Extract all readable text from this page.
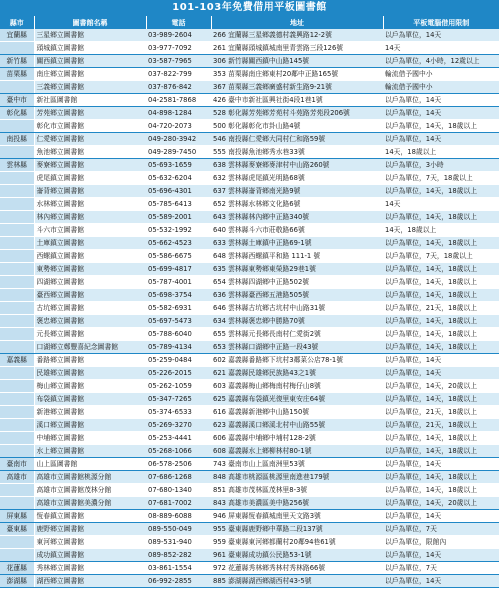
101-103年免費借用平板圖書館
縣市	圖書館名稱	電話	地址	平板電腦借用限制
宜蘭縣	三星鄉立圖書館	03-989-2604	266 宜蘭縣三星鄉義德村義興路12-2號	以戶為單位，14天
	頭城鎮立圖書館	03-977-7092	261 宜蘭縣頭城鎮城南里青雲路三段126號	14天
新竹縣	關西鎮立圖書館	03-587-7965	306 新竹縣關西鎮中山路145號	以戶為單位，4小時，12歲以上
苗栗縣	南庄鄉立圖書館	037-822-799	353 苗栗縣南庄鄉東村20鄰中正路165號	輪流借予國中小
	三義鄉立圖書館	037-876-842	367 苗栗縣三義鄉廣盛村新生路9-21號	輪流借予國中小
臺中市	新社區圖書館	04-2581-7868	426 臺中市新社區興社街4段1巷1號	以戶為單位，14天
彰化縣	芳苑鄉立圖書館	04-898-1284	528 彰化縣芳苑鄉芳苑村斗苑路芳苑段206號	以戶為單位，14天
	彰化市立圖書館	04-720-2073	500 彰化縣彰化市卦山路4號	以戶為單位，14天，18歲以上
南投縣	仁愛鄉立圖書館	049-280-3942	546 南投縣仁愛鄉大同村仁和路59號	以戶為單位，14天
	魚池鄉立圖書館	049-289-7450	555 南投縣魚池鄉秀水巷33號	14天，18歲以上
雲林縣	麥寮鄉立圖書館	05-693-1659	638 雲林縣麥寮鄉麥津村中山路260號	以戶為單位，3小時
	虎尾鎮立圖書館	05-632-6204	632 雲林縣虎尾鎮光明路68號	以戶為單位，7天，18歲以上
	崙背鄉立圖書館	05-696-4301	637 雲林縣崙背鄉南光路9號	以戶為單位，14天，18歲以上
	水林鄉立圖書館	05-785-6413	652 雲林縣水林鄉文化路6號	14天
	林內鄉立圖書館	05-589-2001	643 雲林縣林內鄉中正路340號	以戶為單位，14天，18歲以上
	斗六市立圖書館	05-532-1992	640 雲林縣斗六市莊敬路66號	14天，18歲以上
	土庫鎮立圖書館	05-662-4523	633 雲林縣土庫鎮中正路69-1號	以戶為單位，14天，18歲以上
	西螺鎮立圖書館	05-586-6675	648 雲林縣西螺鎮平和路 111-1 號	以戶為單位，7天，18歲以上
	東勢鄉立圖書館	05-699-4817	635 雲林縣東勢鄉東榮路29巷1號	以戶為單位，14天，18歲以上
	四湖鄉立圖書館	05-787-4001	654 雲林縣四湖鄉中正路502號	以戶為單位，14天，18歲以上
	臺西鄉立圖書館	05-698-3754	636 雲林縣臺西鄉五港路505號	以戶為單位，14天，18歲以上
	古坑鄉立圖書館	05-582-6931	646 雲林縣古坑鄉古坑村中山路31號	以戶為單位，21天，18歲以上
	褒忠鄉立圖書館	05-697-5473	634 雲林縣褒忠鄉中勝路70號	以戶為單位，14天，18歲以上
	元長鄉立圖書館	05-788-6040	655 雲林縣元長鄉長南村仁愛街2號	以戶為單位，14天，18歲以上
	口湖鄉立鄭豐喜紀念圖書館	05-789-4134	653 雲林縣口湖鄉中正路一段43號	以戶為單位，14天，18歲以上
嘉義縣	番路鄉立圖書館	05-259-0484	602 嘉義縣番路鄉下坑村3鄰菜公店78-1號	以戶為單位，14天
	民雄鄉立圖書館	05-226-2015	621 嘉義縣民雄鄉民族路43之1號	以戶為單位，14天
	梅山鄉立圖書館	05-262-1059	603 嘉義縣梅山鄉梅南村梅仔山8號	以戶為單位，14天，20歲以上
	布袋鎮立圖書館	05-347-7265	625 嘉義縣布袋鎮光復里東安庄64號	以戶為單位，14天，18歲以上
	新港鄉立圖書館	05-374-6533	616 嘉義縣新港鄉中山路150號	以戶為單位，21天，18歲以上
	溪口鄉立圖書館	05-269-3270	623 嘉義縣溪口鄉溪北村中山路55號	以戶為單位，21天，18歲以上
	中埔鄉立圖書館	05-253-4441	606 嘉義縣中埔鄉中埔村128-2號	以戶為單位，14天，18歲以上
	水上鄉立圖書館	05-268-1066	608 嘉義縣水上鄉柳林村80-1號	以戶為單位，14天，18歲以上
臺南市	山上區圖書館	06-578-2506	743 臺南市山上區南洲里53號	以戶為單位，14天
高雄市	高雄市立圖書館桃源分館	07-686-1268	848 高雄市桃源區桃源里南進巷179號	以戶為單位，14天，18歲以上
	高雄市立圖書館茂林分館	07-680-1340	851 高雄市茂林區茂林里8-3號	以戶為單位，14天，18歲以上
	高雄市立圖書館美濃分館	07-681-7002	843 高雄市美濃區美中路256號	以戶為單位，14天，20歲以上
屏東縣	恆春鎮立圖書館	08-889-6088	946 屏東縣恆春鎮城南里天文路3號	以戶為單位，14天
臺東縣	鹿野鄉立圖書館	089-550-049	955 臺東縣鹿野鄉中華路二段137號	以戶為單位，7天
	東河鄉立圖書館	089-531-940	959 臺東縣東河鄉都蘭村20鄰94巷61號	以戶為單位，限館內
	成功鎮立圖書館	089-852-282	961 臺東縣成功鎮公民路53-1號	以戶為單位，14天
花蓮縣	秀林鄉立圖書館	03-861-1554	972 花蓮縣秀林鄉秀林村秀林路66號	以戶為單位，7天
澎湖縣	湖西鄉立圖書館	06-992-2855	885 澎湖縣湖西鄉湖西村43-5號	以戶為單位，14天
